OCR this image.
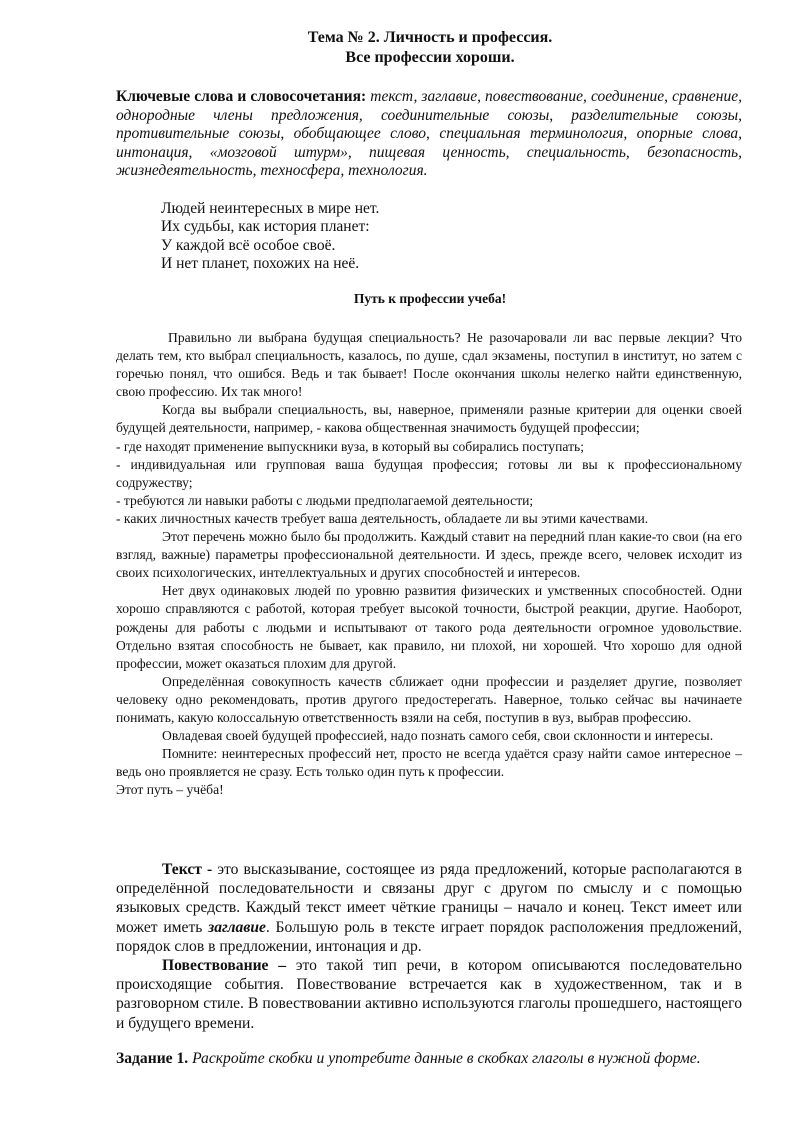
Тема № 2. Личность и профессия.
Все профессии хороши.
Ключевые слова и словосочетания: текст, заглавие, повествование, соединение, сравнение, однородные члены предложения, соединительные союзы, разделительные союзы, противительные союзы, обобщающее слово, специальная терминология, опорные слова, интонация, «мозговой штурм», пищевая ценность, специальность, безопасность, жизнедеятельность, техносфера, технология.
Людей неинтересных в мире нет.
Их судьбы, как история планет:
У каждой всё особое своё.
И нет планет, похожих на неё.
Путь к профессии учеба!

Правильно ли выбрана будущая специальность? Не разочаровали ли вас первые лекции? Что делать тем, кто выбрал специальность, казалось, по душе, сдал экзамены, поступил в институт, но затем с горечью понял, что ошибся. Ведь и так бывает! После окончания школы нелегко найти единственную, свою профессию. Их так много!

Когда вы выбрали специальность, вы, наверное, применяли разные критерии для оценки своей будущей деятельности, например, - какова общественная значимость будущей профессии;

- где находят применение выпускники вуза, в который вы собирались поступать;

- индивидуальная или групповая ваша будущая профессия; готовы ли вы к профессиональному содружеству;

- требуются ли навыки работы с людьми предполагаемой деятельности;

- каких личностных качеств требует ваша деятельность, обладаете ли вы этими качествами.

Этот перечень можно было бы продолжить. Каждый ставит на передний план какие-то свои (на его взгляд, важные) параметры профессиональной деятельности. И здесь, прежде всего, человек исходит из своих психологических, интеллектуальных и других способностей и интересов.

Нет двух одинаковых людей по уровню развития физических и умственных способностей. Одни хорошо справляются с работой, которая требует высокой точности, быстрой реакции, другие. Наоборот, рождены для работы с людьми и испытывают от такого рода деятельности огромное удовольствие. Отдельно взятая способность не бывает, как правило, ни плохой, ни хорошей. Что хорошо для одной профессии, может оказаться плохим для другой.

Определённая совокупность качеств сближает одни профессии и разделяет другие, позволяет человеку одно рекомендовать, против другого предостерегать. Наверное, только сейчас вы начинаете понимать, какую колоссальную ответственность взяли на себя, поступив в вуз, выбрав профессию.

Овладевая своей будущей профессией, надо познать самого себя, свои склонности и интересы.

Помните: неинтересных профессий нет, просто не всегда удаётся сразу найти самое интересное – ведь оно проявляется не сразу. Есть только один путь к профессии.

Этот путь – учёба!

Текст - это высказывание, состоящее из ряда предложений, которые располагаются в определённой последовательности и связаны друг с другом по смыслу и с помощью языковых средств. Каждый текст имеет чёткие границы – начало и конец. Текст имеет или может иметь заглавие. Большую роль в тексте играет порядок расположения предложений, порядок слов в предложении, интонация и др.

Повествование – это такой тип речи, в котором описываются последовательно происходящие события. Повествование встречается как в художественном, так и в разговорном стиле. В повествовании активно используются глаголы прошедшего, настоящего и будущего времени.

Задание 1. Раскройте скобки и употребите данные в скобках глаголы в нужной форме.
